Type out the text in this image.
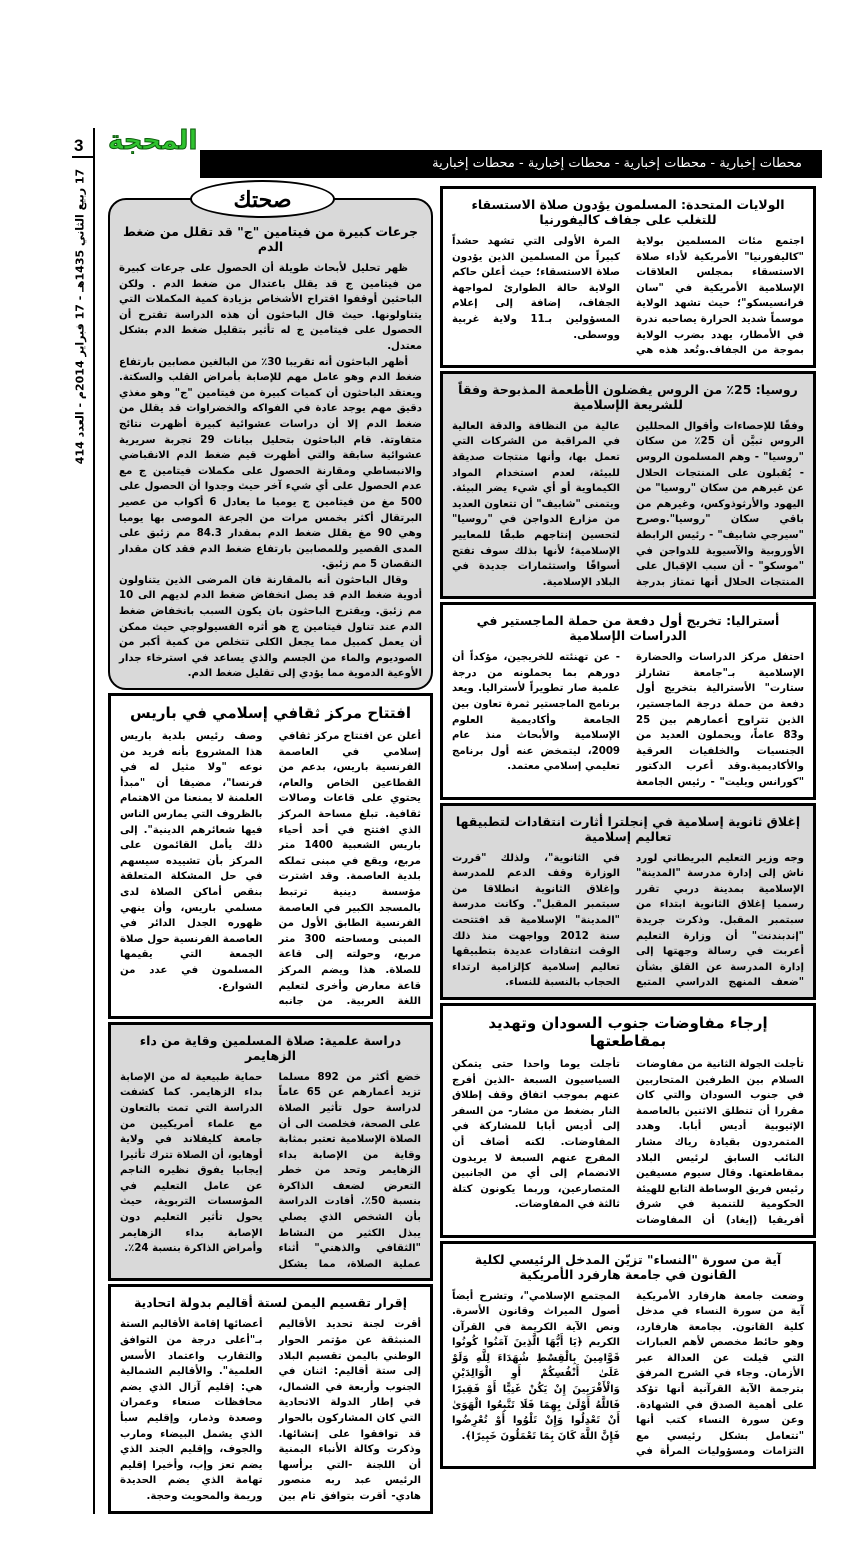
3
17 ربيع الثاني 1435هـ - 17 فبراير 2014م - العدد 414
المحجة
محطات إخبارية - محطات إخبارية - محطات إخبارية - محطات إخبارية
صحتك
جرعات كبيرة من فيتامين "ج" قد تقلل من ضغط الدم

ظهر تحليل لأبحاث طويلة أن الحصول على جرعات كبيرة من فيتامين ج قد يقلل باعتدال من ضغط الدم . ولكن الباحثين أوقفوا اقتراح الأشخاص بزيادة كمية المكملات التي يتناولونها. حيث قال الباحثون أن هذه الدراسة تقترح أن الحصول على فيتامين ج له تأثير بتقليل ضغط الدم بشكل معتدل.

أظهر الباحثون أنه تقريبا 30٪ من البالغين مصابين بارتفاع ضغط الدم وهو عامل مهم للإصابة بأمراض القلب والسكتة. ويعتقد الباحثون أن كميات كبيرة من فيتامين "ج" وهو مغذي دقيق مهم يوجد عادة في الفواكه والخضراوات قد يقلل من ضغط الدم إلا أن دراسات عشوائية كبيرة أظهرت نتائج متفاوتة. قام الباحثون بتحليل بيانات 29 تجربة سريرية عشوائية سابقة والتي أظهرت قيم ضغط الدم الانقباضي والانبساطي ومقارنة الحصول على مكملات فيتامين ج مع عدم الحصول على أي شيء آخر حيث وجدوا أن الحصول على 500 مغ من فيتامين ج يوميا ما يعادل 6 أكواب من عصير البرتقال أكثر بخمس مرات من الجرعة الموصى بها يوميا وهي 90 مغ يقلل ضغط الدم بمقدار 84.3 مم زئبق على المدى القصير وللمصابين بارتفاع ضغط الدم فقد كان مقدار النقصان 5 مم زئبق.

وقال الباحثون أنه بالمقارنة فان المرضى الذين يتناولون أدوية ضغط الدم قد يصل انخفاض ضغط الدم لديهم الى 10 مم زئبق. ويقترح الباحثون بان يكون السبب بانخفاض ضغط الدم عند تناول فيتامين ج هو أثره الفسيولوجي حيث ممكن أن يعمل كمبيل مما يجعل الكلى تتخلص من كمية أكبر من الصوديوم والماء من الجسم والذي يساعد في استرخاء جدار الأوعية الدموية مما يؤدي إلى تقليل ضغط الدم.

افتتاح مركز ثقافي إسلامي في باريس
أعلن عن افتتاح مركز ثقافي إسلامي في العاصمة الفرنسية باريس، بدعم من القطاعين الخاص والعام، يحتوي على قاعات وصالات ثقافية. تبلغ مساحة المركز الذي افتتح في أحد أحياء باريس الشعبية 1400 متر مربع، ويقع في مبنى تملكه بلدية العاصمة. وقد اشترت مؤسسة دينية ترتبط بالمسجد الكبير في العاصمة الفرنسية الطابق الأول من المبنى ومساحته 300 متر مربع، وحولته إلى قاعة للصلاة. هذا ويضم المركز قاعة معارض وأخرى لتعليم اللغة العربية. من جانبه وصف رئيس بلدية باريس هذا المشروع بأنه فريد من نوعه "ولا مثيل له في فرنسا"، مضيفا أن "مبدأ العلمنة لا يمنعنا من الاهتمام بالظروف التي يمارس الناس فيها شعائرهم الدينية". إلى ذلك يأمل القائمون على المركز بأن تشييده سيسهم في حل المشكلة المتعلقة بنقص أماكن الصلاة لدى مسلمي باريس، وأن ينهي ظهوره الجدل الدائر في العاصمة الفرنسية حول صلاة الجمعة التي يقيمها المسلمون في عدد من الشوارع.
دراسة علمية: صلاة المسلمين وقاية من داء الزهايمر
خضع أكثر من 892 مسلما تزيد أعمارهم عن 65 عاماً لدراسة حول تأثير الصلاة على الصحة، فخلصت الى أن الصلاة الإسلامية تعتبر بمثابة وقاية من الإصابة بداء الزهايمر وتحد من خطر التعرض لضعف الذاكرة بنسبة 50٪. أفادت الدراسة بأن الشخص الذي يصلي يبذل الكثير من النشاط "الثقافي والذهني" أثناء عملية الصلاة، مما يشكل حماية طبيعية له من الإصابة بداء الزهايمر. كما كشفت الدراسة التي تمت بالتعاون مع علماء أمريكيين من جامعة كليفلاند في ولاية أوهايو، أن الصلاة تترك تأثيرا إيجابيا يفوق نظيره الناجم عن عامل التعليم في المؤسسات التربوية، حيث يحول تأثير التعليم دون الإصابة بداء الزهايمر وأمراض الذاكرة بنسبة 24٪.
إقرار تقسيم اليمن لستة أقاليم بدولة اتحادية
أقرت لجنة تحديد الأقاليم المنبثقة عن مؤتمر الحوار الوطني باليمن تقسيم البلاد إلى ستة أقاليم: اثنان في الجنوب وأربعة في الشمال، في إطار الدولة الاتحادية التي كان المشاركون بالحوار قد توافقوا على إنشائها. وذكرت وكالة الأنباء اليمنية أن اللجنة -التي يرأسها الرئيس عبد ربه منصور هادي- أقرت بتوافق تام بين أعضائها إقامة الأقاليم الستة بـ"أعلى درجة من التوافق والتقارب واعتماد الأسس العلمية". والأقاليم الشمالية هي: إقليم آزال الذي يضم محافظات صنعاء وعمران وصعدة وذمار، وإقليم سبأ الذي يشمل البيضاء ومارب والجوف، وإقليم الجند الذي يضم تعز وإب، وأخيرا إقليم تهامة الذي يضم الحديدة وريمة والمحويت وحجة.
الولايات المتحدة: المسلمون يؤدون صلاة الاستسقاء للتغلب على جفاف كاليفورنيا
اجتمع مئات المسلمين بولاية "كاليفورنيا" الأمريكية لأداء صلاة الاستسقاء بمجلس العلاقات الإسلامية الأمريكية في "سان فرانسيسكو"؛ حيث تشهد الولاية موسماً شديد الحرارة يصاحبه ندرة في الأمطار، يهدد بضرب الولاية بموجة من الجفاف.وتُعد هذه هي المرة الأولى التي تشهد حشداً كبيراً من المسلمين الذين يؤدون صلاة الاستسقاء؛ حيث أعلن حاكم الولاية حالة الطوارئ لمواجهة الجفاف، إضافة إلى إعلام المسؤولين بـ11 ولاية غربية ووسطى.
روسيا: 25٪ من الروس يفضلون الأطعمة المذبوحة وفقاً للشريعة الإسلامية
وفقًا للإحصاءات وأقوال المحللين الروس تبيَّن أن 25٪ من سكان "روسيا" - وهم المسلمون الروس - يُقبلون على المنتجات الحلال عن غيرهم من سكان "روسيا" من اليهود والأرثوذوكس، وغيرهم من باقي سكان "روسيا".وصرح "سيرجي شابيف" - رئيس الرابطة الأوروبية والآسيوية للدواجن في "موسكو" - أن سبب الإقبال على المنتجات الحلال أنها تمتاز بدرجة عالية من النظافة والدقة العالية في المراقبة من الشركات التي تعمل بها، وأنها منتجات صديقة للبيئة، لعدم استخدام المواد الكيماوية أو أي شيء يضر البيئة. ويتمنى "شابيف" أن تتعاون العديد من مزارع الدواجن في "روسيا" لتحسين إنتاجهم طبقًا للمعايير الإسلامية؛ لأنها بذلك سوف تفتح أسواقًا واستثمارات جديدة في البلاد الإسلامية.
أستراليا: تخريج أول دفعة من حملة الماجستير في الدراسات الإسلامية
احتفل مركز الدراسات والحضارة الإسلامية بـ"جامعة تشارلز ستارت" الأسترالية بتخريج أول دفعة من حملة درجة الماجستير، الذين تتراوح أعمارهم بين 25 و83 عاماً، ويحملون العديد من الجنسيات والخلفيات العرقية والأكاديمية.وقد أعرب الدكتور "كورانس ويليت" - رئيس الجامعة - عن تهنئته للخريجين، مؤكداً أن دورهم بما يحملونه من درجة علمية صار تطويراً لأستراليا. ويعد برنامج الماجستير ثمرة تعاون بين الجامعة وأكاديمية العلوم الإسلامية والأبحاث منذ عام 2009، ليتمخض عنه أول برنامج تعليمي إسلامي معتمد.
إغلاق ثانوية إسلامية في إنجلترا أثارت انتقادات لتطبيقها تعاليم إسلامية
وجه وزير التعليم البريطاني لورد ناش إلى إدارة مدرسة "المدينة" الإسلامية بمدينة دربي تقرر رسميا إغلاق الثانوية ابتداء من سبتمبر المقبل. وذكرت جريدة "إندبندنت" أن وزارة التعليم أعربت في رسالة وجهتها إلى إدارة المدرسة عن القلق بشأن "ضعف المنهج الدراسي المتبع في الثانوية"، ولذلك "قررت الوزارة وقف الدعم للمدرسة وإغلاق الثانوية انطلاقا من سبتمبر المقبل". وكانت مدرسة "المدينة" الإسلامية قد افتتحت سنة 2012 وواجهت منذ ذلك الوقت انتقادات عديدة بتطبيقها تعاليم إسلامية كإلزامية ارتداء الحجاب بالنسبة للنساء.
إرجاء مفاوضات جنوب السودان وتهديد بمقاطعتها
تأجلت الجولة الثانية من مفاوضات السلام بين الطرفين المتحاربين في جنوب السودان والتي كان مقررا أن تنطلق الاثنين بالعاصمة الإثيوبية أديس أبابا. وهدد المتمردون بقيادة رياك مشار النائب السابق لرئيس البلاد بمقاطعتها. وقال سيوم مسيفين رئيس فريق الوساطة التابع للهيئة الحكومية للتنمية في شرق أفريقيا (إيغاد) أن المفاوضات تأجلت يوما واحدا حتى يتمكن السياسيون السبعة -الذين أفرج عنهم بموجب اتفاق وقف إطلاق النار بضغط من مشار- من السفر إلى أديس أبابا للمشاركة في المفاوضات. لكنه أضاف أن المفرج عنهم السبعة لا يريدون الانضمام إلى أي من الجانبين المتصارعين، وربما يكونون كتلة ثالثة في المفاوضات.
آية من سورة "النساء" تزيّن المدخل الرئيسي لكلية القانون في جامعة هارفرد الأمريكية
وضعت جامعة هارفارد الأمريكية آية من سورة النساء في مدخل كلية القانون. بجامعة هارفارد، وهو حائط مخصص لأهم العبارات التي قيلت عن العدالة عبر الأزمان. وجاء في الشرح المرفق بترجمة الآية القرآنية أنها تؤكد على أهمية الصدق في الشهادة. وعن سورة النساء كتب أنها "تتعامل بشكل رئيسي مع التزامات ومسؤوليات المرأة في المجتمع الإسلامي"، وتشرح أيضاً أصول الميراث وقانون الأسرة. ونص الآية الكريمة في القرآن الكريم ﴿يَا أَيُّهَا الَّذِينَ آمَنُوا كُونُوا قَوَّامِينَ بِالْقِسْطِ شُهَدَاءَ لِلَّهِ وَلَوْ عَلَىٰ أَنْفُسِكُمْ أَوِ الْوَالِدَيْنِ وَالْأَقْرَبِينَ إِنْ يَكُنْ غَنِيًّا أَوْ فَقِيرًا فَاللَّهُ أَوْلَىٰ بِهِمَا فَلَا تَتَّبِعُوا الْهَوَىٰ أَنْ تَعْدِلُوا وَإِنْ تَلْوُوا أَوْ تُعْرِضُوا فَإِنَّ اللَّهَ كَانَ بِمَا تَعْمَلُونَ خَبِيرًا﴾.
